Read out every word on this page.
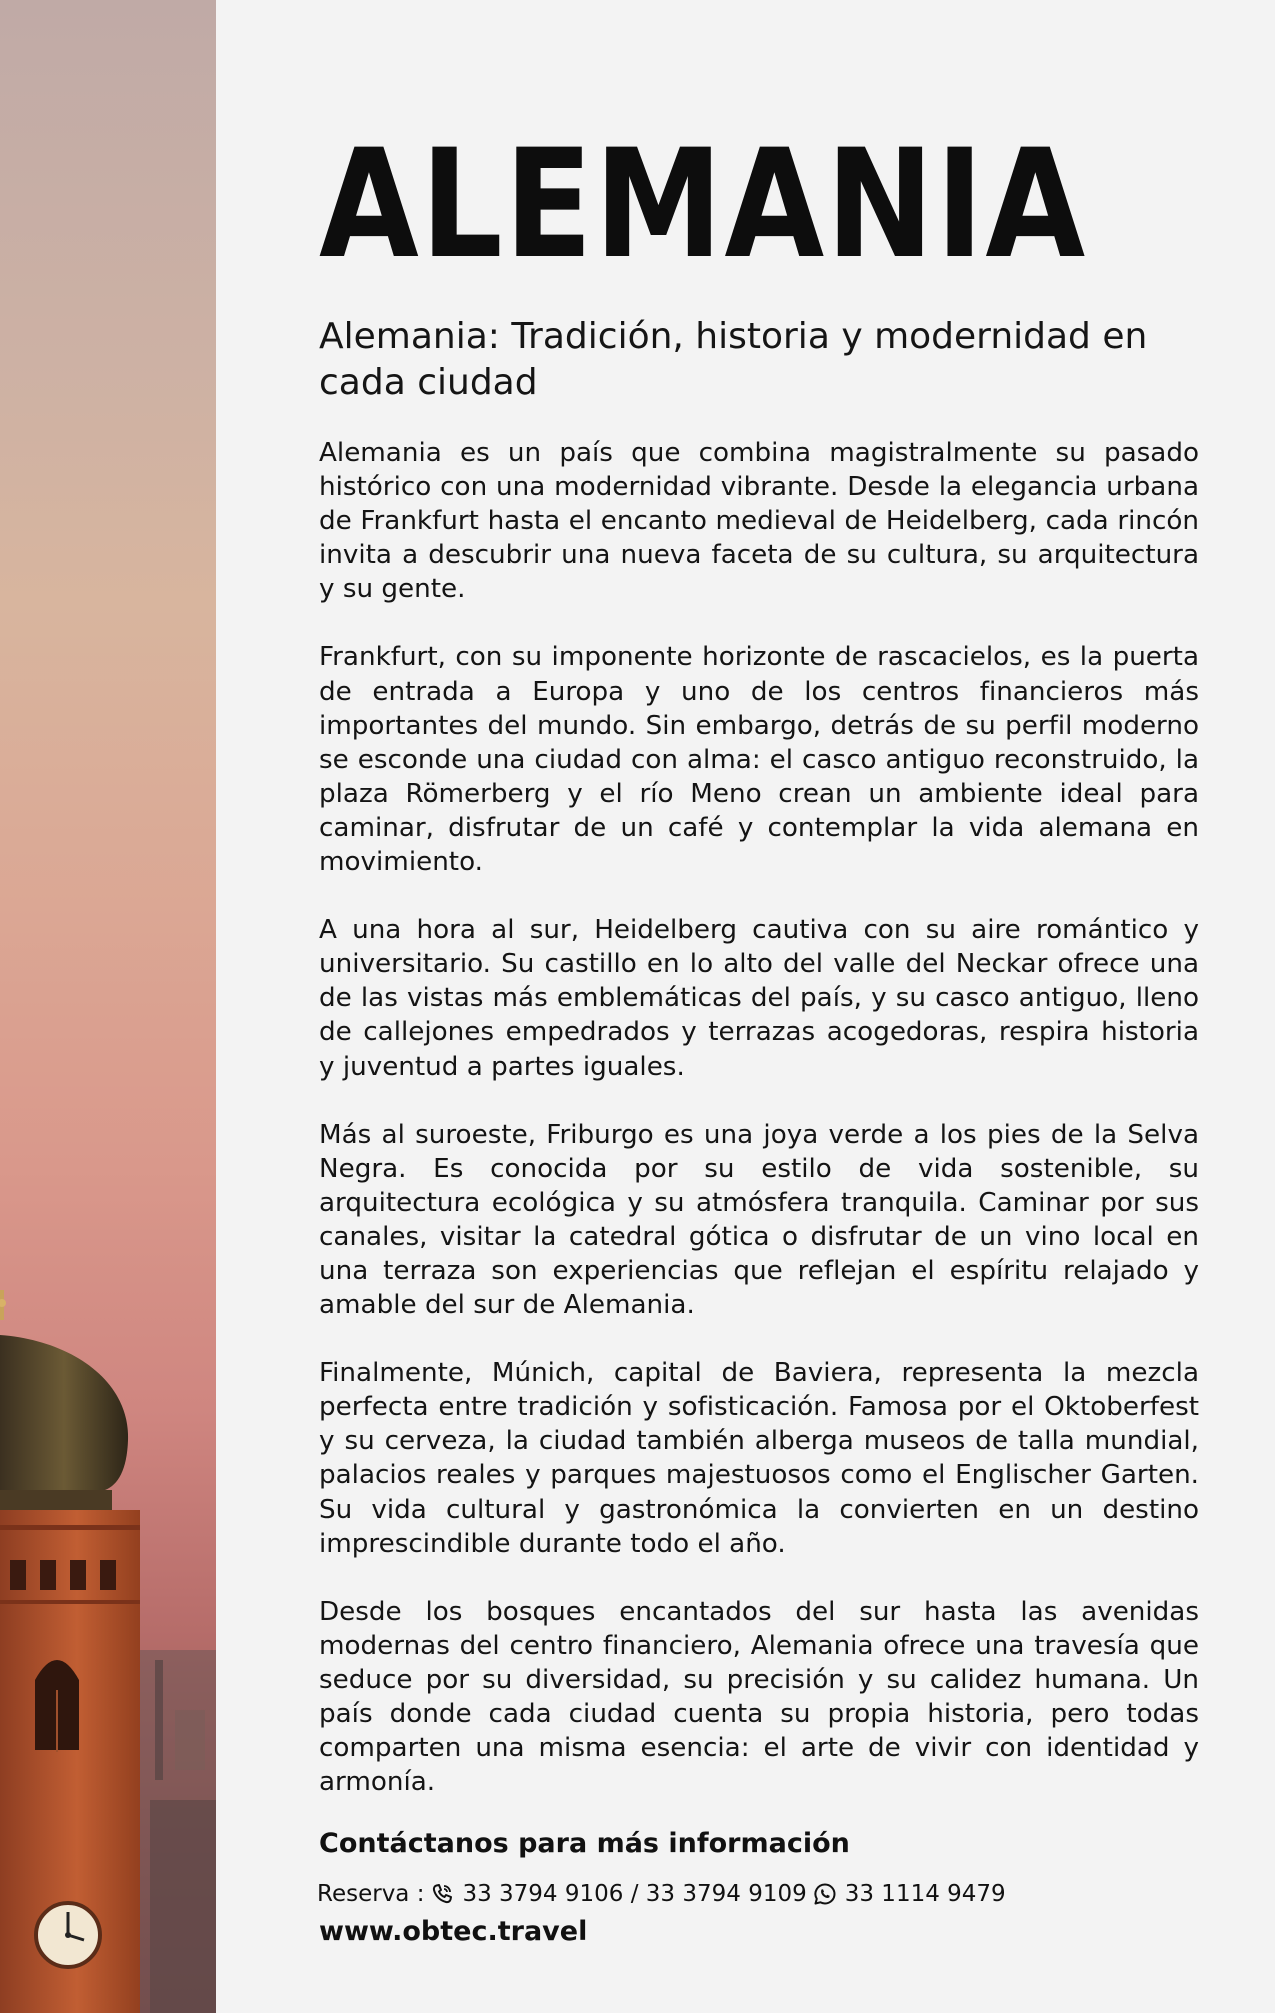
ALEMANIA
Alemania: Tradición, historia y modernidad en cada ciudad

Alemania es un país que combina magistralmente su pasado histórico con una modernidad vibrante. Desde la elegancia urbana de Frankfurt hasta el encanto medieval de Heidelberg, cada rincón invita a descubrir una nueva faceta de su cultura, su arquitectura y su gente.

Frankfurt, con su imponente horizonte de rascacielos, es la puerta de entrada a Europa y uno de los centros financieros más importantes del mundo. Sin embargo, detrás de su perfil moderno se esconde una ciudad con alma: el casco antiguo reconstruido, la plaza Römerberg y el río Meno crean un ambiente ideal para caminar, disfrutar de un café y contemplar la vida alemana en movimiento.

A una hora al sur, Heidelberg cautiva con su aire romántico y universitario. Su castillo en lo alto del valle del Neckar ofrece una de las vistas más emblemáticas del país, y su casco antiguo, lleno de callejones empedrados y terrazas acogedoras, respira historia y juventud a partes iguales.

Más al suroeste, Friburgo es una joya verde a los pies de la Selva Negra. Es conocida por su estilo de vida sostenible, su arquitectura ecológica y su atmósfera tranquila. Caminar por sus canales, visitar la catedral gótica o disfrutar de un vino local en una terraza son experiencias que reflejan el espíritu relajado y amable del sur de Alemania.

Finalmente, Múnich, capital de Baviera, representa la mezcla perfecta entre tradición y sofisticación. Famosa por el Oktoberfest y su cerveza, la ciudad también alberga museos de talla mundial, palacios reales y parques majestuosos como el Englischer Garten. Su vida cultural y gastronómica la convierten en un destino imprescindible durante todo el año.

Desde los bosques encantados del sur hasta las avenidas modernas del centro financiero, Alemania ofrece una travesía que seduce por su diversidad, su precisión y su calidez humana. Un país donde cada ciudad cuenta su propia historia, pero todas comparten una misma esencia: el arte de vivir con identidad y armonía.

Contáctanos para más información

Reserva : 33 3794 9106 / 33 3794 9109 33 1114 9479

www.obtec.travel
